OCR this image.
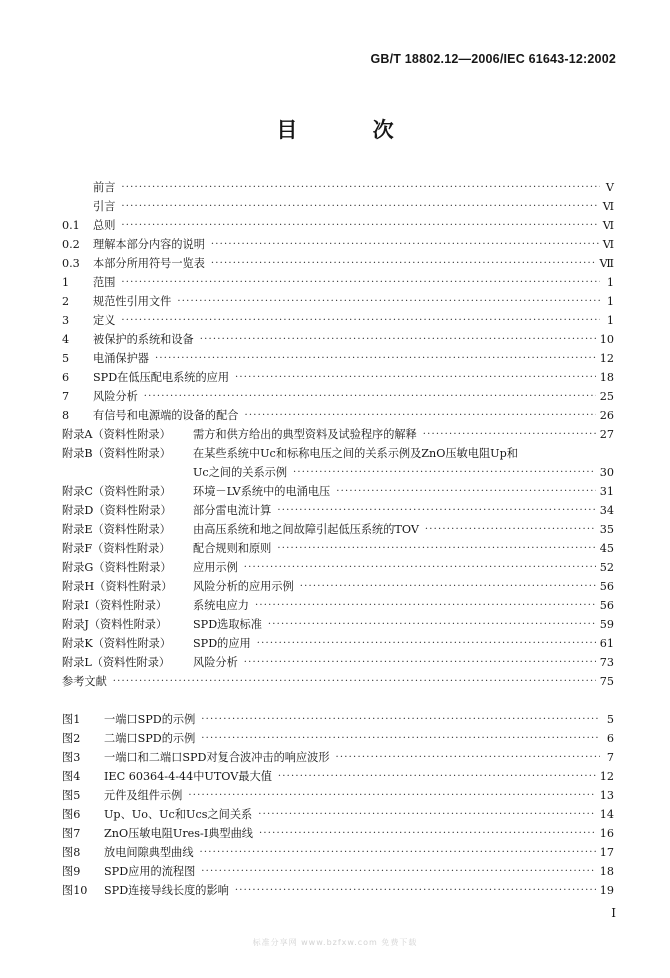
GB/T 18802.12—2006/IEC 61643-12:2002
目 次
前言 ·····	V
引言 ·····	Ⅵ
0.1 总则 ·····	Ⅵ
0.2 理解本部分内容的说明 ·····	Ⅵ
0.3 本部分所用符号一览表 ·····	Ⅶ
1 范围 ·····	1
2 规范性引用文件 ·····	1
3 定义 ·····	1
4 被保护的系统和设备 ·····	10
5 电涌保护器 ·····	12
6 SPD在低压配电系统的应用 ·····	18
7 风险分析 ·····	25
8 有信号和电源端的设备的配合 ·····	26
附录A（资料性附录） 需方和供方给出的典型资料及试验程序的解释 ·····	27
附录B（资料性附录） 在某些系统中Uc和标称电压之间的关系示例及ZnO压敏电阻Up和
Uc之间的关系示例 ·····	30
附录C（资料性附录） 环境－LV系统中的电涌电压 ·····	31
附录D（资料性附录） 部分雷电流计算 ·····	34
附录E（资料性附录） 由高压系统和地之间故障引起低压系统的TOV ·····	35
附录F（资料性附录） 配合规则和原则 ·····	45
附录G（资料性附录） 应用示例 ·····	52
附录H（资料性附录） 风险分析的应用示例 ·····	56
附录I（资料性附录） 系统电应力 ·····	56
附录J（资料性附录） SPD选取标准 ·····	59
附录K（资料性附录） SPD的应用 ·····	61
附录L（资料性附录） 风险分析 ·····	73
参考文献 ·····	75
图1 一端口SPD的示例 ·····	5
图2 二端口SPD的示例 ·····	6
图3 一端口和二端口SPD对复合波冲击的响应波形 ·····	7
图4 IEC 60364-4-44中UTOV最大值 ·····	12
图5 元件及组件示例 ·····	13
图6 Up、Uo、Uc和Ucs之间关系 ·····	14
图7 ZnO压敏电阻Ures-I典型曲线 ·····	16
图8 放电间隙典型曲线 ·····	17
图9 SPD应用的流程图 ·····	18
图10 SPD连接导线长度的影响 ·····	19
I
标准分享网 www.bzfxw.com 免费下载
